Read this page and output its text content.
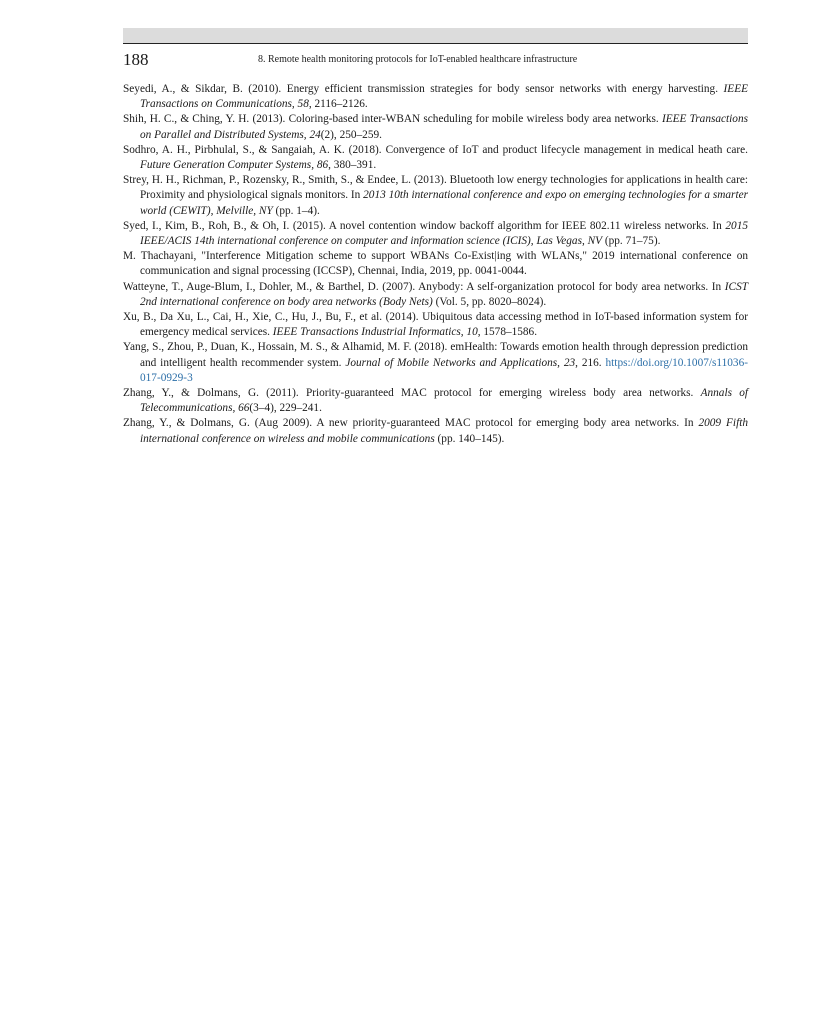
188	8. Remote health monitoring protocols for IoT-enabled healthcare infrastructure
Seyedi, A., & Sikdar, B. (2010). Energy efficient transmission strategies for body sensor networks with energy harvesting. IEEE Transactions on Communications, 58, 2116–2126.
Shih, H. C., & Ching, Y. H. (2013). Coloring-based inter-WBAN scheduling for mobile wireless body area networks. IEEE Transactions on Parallel and Distributed Systems, 24(2), 250–259.
Sodhro, A. H., Pirbhulal, S., & Sangaiah, A. K. (2018). Convergence of IoT and product lifecycle management in medical heath care. Future Generation Computer Systems, 86, 380–391.
Strey, H. H., Richman, P., Rozensky, R., Smith, S., & Endee, L. (2013). Bluetooth low energy technologies for applications in health care: Proximity and physiological signals monitors. In 2013 10th international conference and expo on emerging technologies for a smarter world (CEWIT), Melville, NY (pp. 1–4).
Syed, I., Kim, B., Roh, B., & Oh, I. (2015). A novel contention window backoff algorithm for IEEE 802.11 wireless networks. In 2015 IEEE/ACIS 14th international conference on computer and information science (ICIS), Las Vegas, NV (pp. 71–75).
M. Thachayani, "Interference Mitigation scheme to support WBANs Co-Exist|ing with WLANs," 2019 international conference on communication and signal processing (ICCSP), Chennai, India, 2019, pp. 0041-0044.
Watteyne, T., Auge-Blum, I., Dohler, M., & Barthel, D. (2007). Anybody: A self-organization protocol for body area networks. In ICST 2nd international conference on body area networks (Body Nets) (Vol. 5, pp. 8020–8024).
Xu, B., Da Xu, L., Cai, H., Xie, C., Hu, J., Bu, F., et al. (2014). Ubiquitous data accessing method in IoT-based information system for emergency medical services. IEEE Transactions Industrial Informatics, 10, 1578–1586.
Yang, S., Zhou, P., Duan, K., Hossain, M. S., & Alhamid, M. F. (2018). emHealth: Towards emotion health through depression prediction and intelligent health recommender system. Journal of Mobile Networks and Applications, 23, 216. https://doi.org/10.1007/s11036-017-0929-3
Zhang, Y., & Dolmans, G. (2011). Priority-guaranteed MAC protocol for emerging wireless body area networks. Annals of Telecommunications, 66(3–4), 229–241.
Zhang, Y., & Dolmans, G. (Aug 2009). A new priority-guaranteed MAC protocol for emerging body area networks. In 2009 Fifth international conference on wireless and mobile communications (pp. 140–145).
